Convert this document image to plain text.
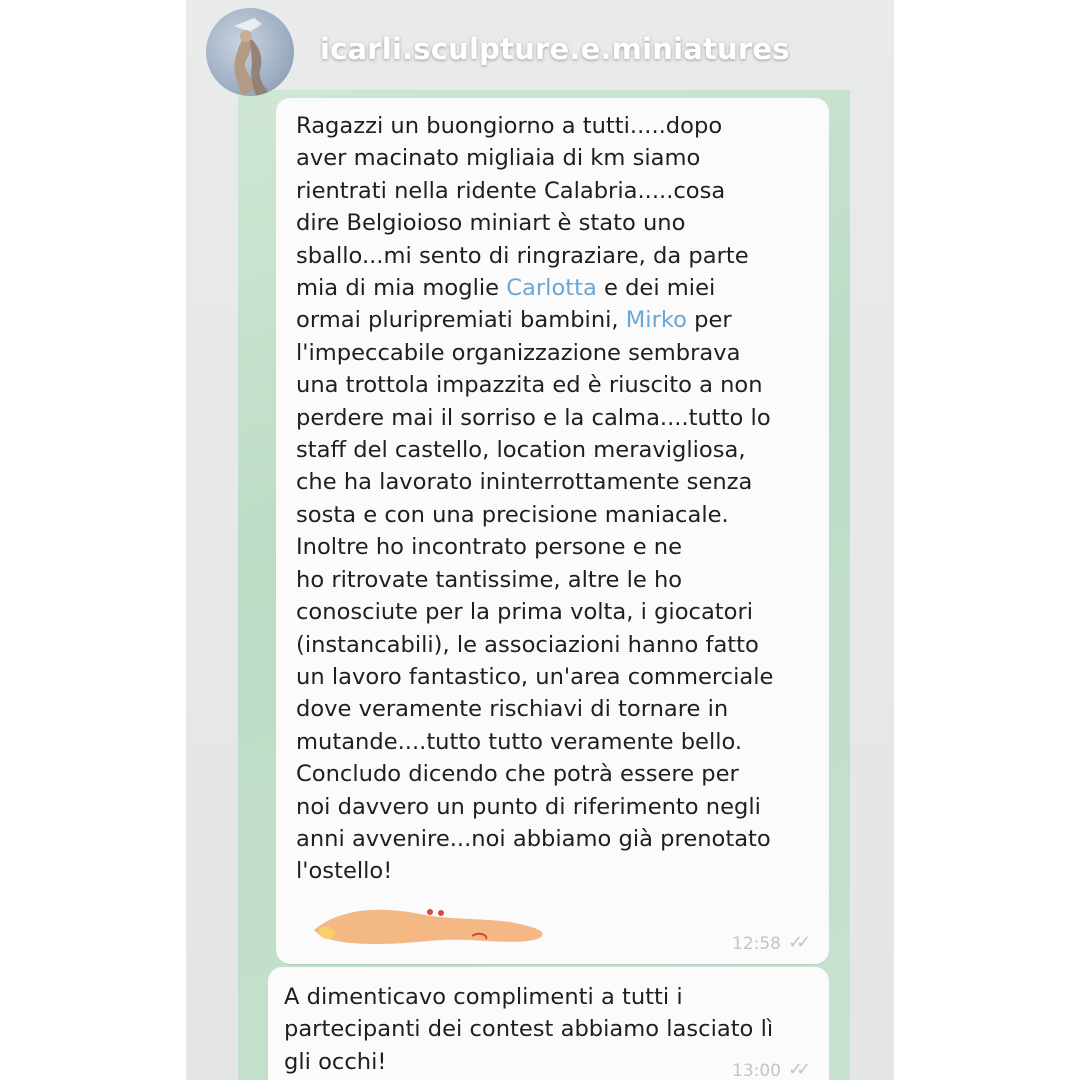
icarli.sculpture.e.miniatures
Ragazzi un buongiorno a tutti.....dopo
aver macinato migliaia di km siamo
rientrati nella ridente Calabria.....cosa
dire Belgioioso miniart è stato uno
sballo...mi sento di ringraziare, da parte
mia di mia moglie Carlotta e dei miei
ormai pluripremiati bambini, Mirko per
l'impeccabile organizzazione sembrava
una trottola impazzita ed è riuscito a non
perdere mai il sorriso e la calma....tutto lo
staff del castello, location meravigliosa,
che ha lavorato ininterrottamente senza
sosta e con una precisione maniacale.
Inoltre ho incontrato persone e ne
ho ritrovate tantissime, altre le ho
conosciute per la prima volta, i giocatori
(instancabili), le associazioni hanno fatto
un lavoro fantastico, un'area commerciale
dove veramente rischiavi di tornare in
mutande....tutto tutto veramente bello.
Concludo dicendo che potrà essere per
noi davvero un punto di riferimento negli
anni avvenire...noi abbiamo già prenotato
l'ostello!
12:58 ✓✓
A dimenticavo complimenti a tutti i
partecipanti dei contest abbiamo lasciato lì
gli occhi!	13:00 ✓✓
